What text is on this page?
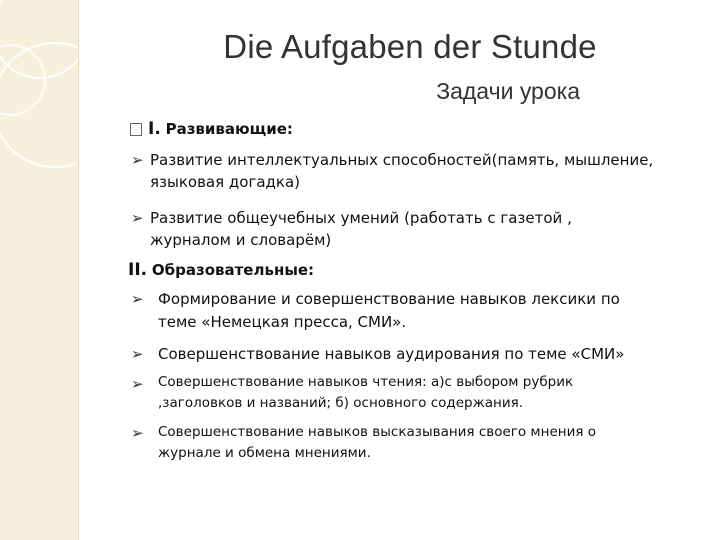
Die Aufgaben der Stunde
Задачи урока
I. Развивающие:
➢ Развитие интеллектуальных способностей(память, мышление,
языковая догадка)
➢ Развитие общеучебных умений (работать с газетой ,
журналом и словарём)
II. Образовательные:
➢ Формирование и совершенствование навыков лексики по
теме «Немецкая пресса, СМИ».
➢ Совершенствование навыков аудирования по теме «СМИ»
➢ Совершенствование навыков чтения: а)с выбором рубрик
,заголовков и названий; б) основного содержания.
➢ Совершенствование навыков высказывания своего мнения о
журнале и обмена мнениями.
